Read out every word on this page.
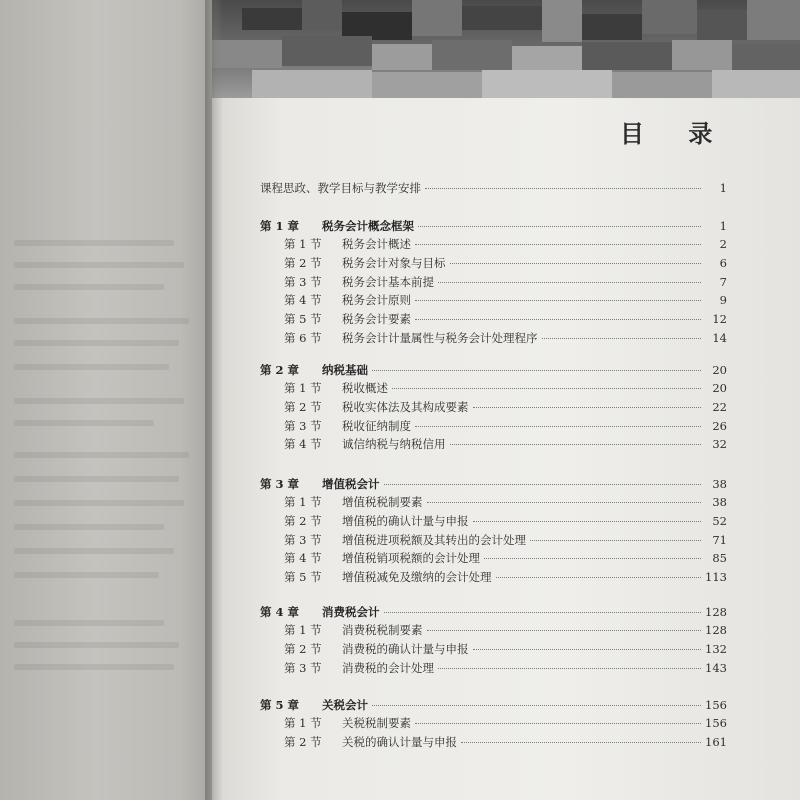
目 录
课程思政、教学目标与教学安排	1
第 1 章	税务会计概念框架	1
第 1 节	税务会计概述	2
第 2 节	税务会计对象与目标	6
第 3 节	税务会计基本前提	7
第 4 节	税务会计原则	9
第 5 节	税务会计要素	12
第 6 节	税务会计计量属性与税务会计处理程序	14
第 2 章	纳税基础	20
第 1 节	税收概述	20
第 2 节	税收实体法及其构成要素	22
第 3 节	税收征纳制度	26
第 4 节	诚信纳税与纳税信用	32
第 3 章	增值税会计	38
第 1 节	增值税税制要素	38
第 2 节	增值税的确认计量与申报	52
第 3 节	增值税进项税额及其转出的会计处理	71
第 4 节	增值税销项税额的会计处理	85
第 5 节	增值税减免及缴纳的会计处理	113
第 4 章	消费税会计	128
第 1 节	消费税税制要素	128
第 2 节	消费税的确认计量与申报	132
第 3 节	消费税的会计处理	143
第 5 章	关税会计	156
第 1 节	关税税制要素	156
第 2 节	关税的确认计量与申报	161
